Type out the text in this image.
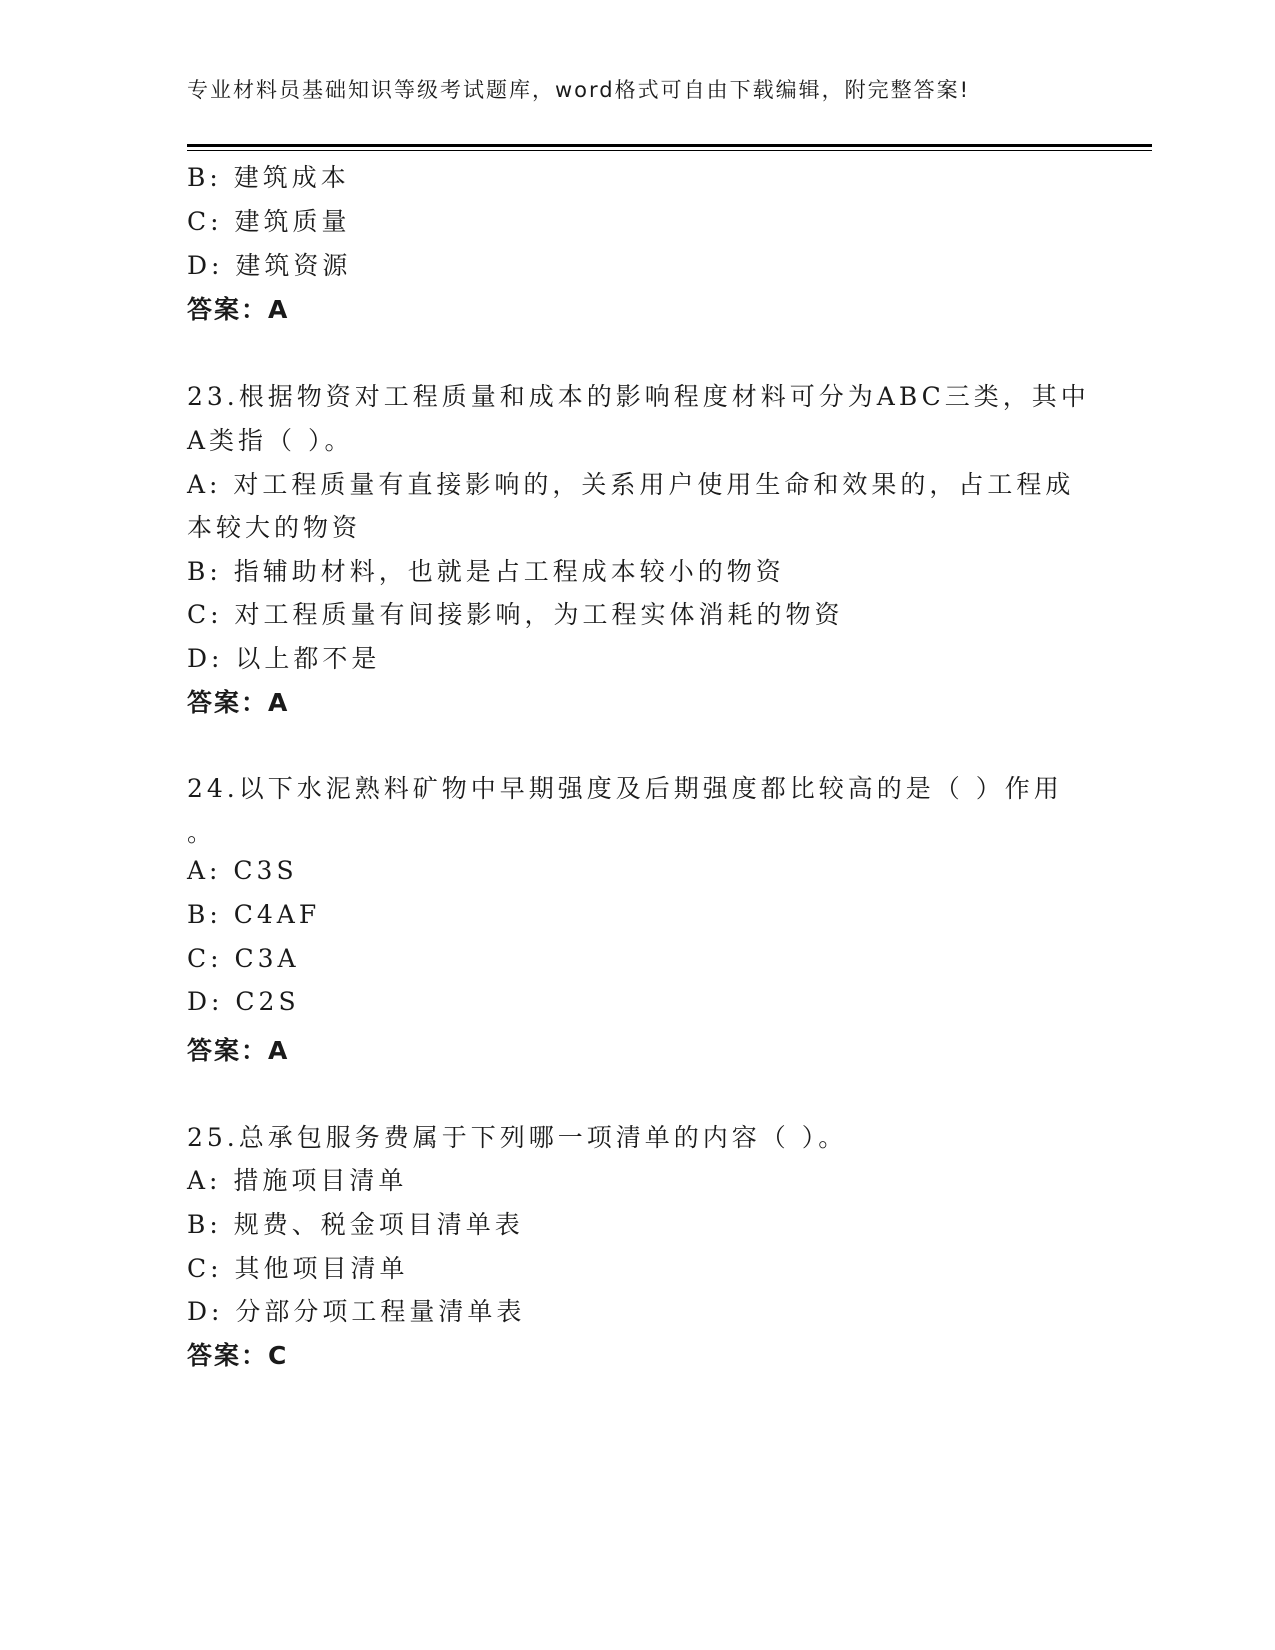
专业材料员基础知识等级考试题库，word格式可自由下载编辑，附完整答案!
B: 建筑成本
C: 建筑质量
D: 建筑资源
答案：A
23.根据物资对工程质量和成本的影响程度材料可分为ABC三类，其中
A类指（ ）。
A: 对工程质量有直接影响的，关系用户使用生命和效果的，占工程成
本较大的物资
B: 指辅助材料，也就是占工程成本较小的物资
C: 对工程质量有间接影响，为工程实体消耗的物资
D: 以上都不是
答案：A
24.以下水泥熟料矿物中早期强度及后期强度都比较高的是（ ）作用
。
A: C3S
B: C4AF
C: C3A
D: C2S
答案：A
25.总承包服务费属于下列哪一项清单的内容（ ）。
A: 措施项目清单
B: 规费、税金项目清单表
C: 其他项目清单
D: 分部分项工程量清单表
答案：C
